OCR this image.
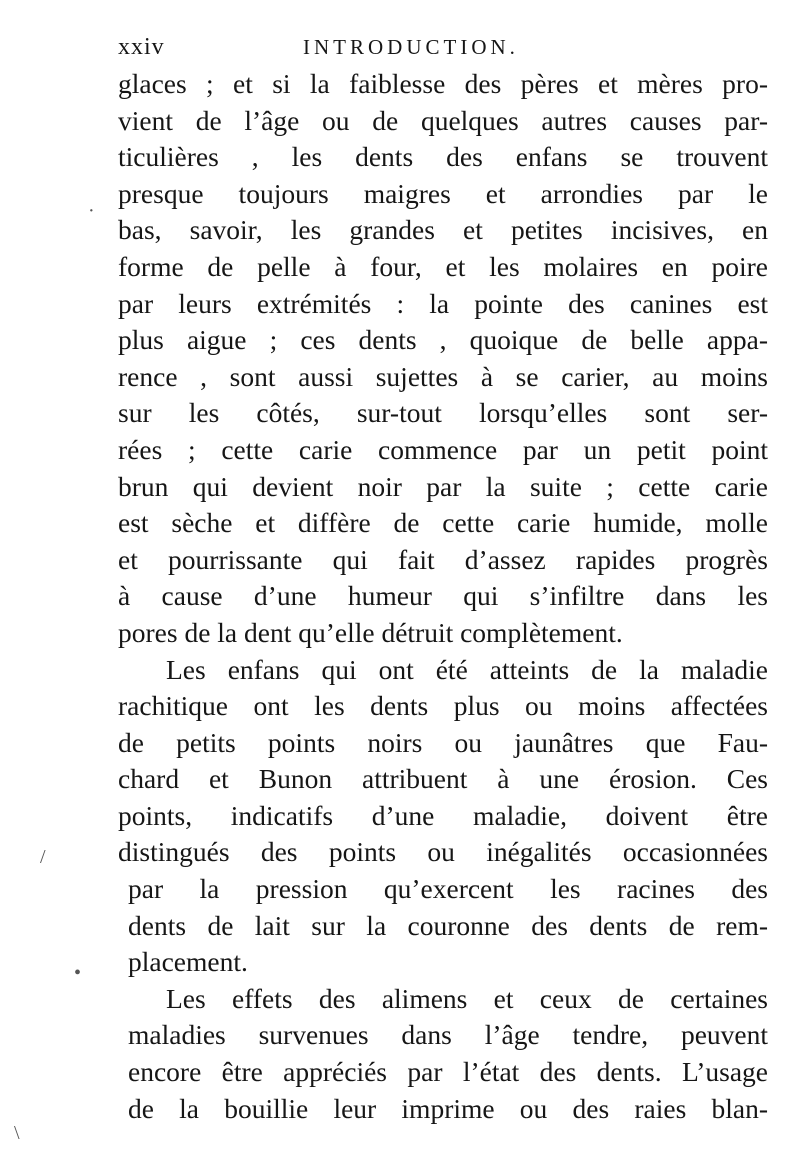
xxiv	INTRODUCTION.
glaces ; et si la faiblesse des pères et mères pro-
vient de l’âge ou de quelques autres causes par-
ticulières , les dents des enfans se trouvent
presque toujours maigres et arrondies par le
bas, savoir, les grandes et petites incisives, en
forme de pelle à four, et les molaires en poire
par leurs extrémités : la pointe des canines est
plus aigue ; ces dents , quoique de belle appa-
rence , sont aussi sujettes à se carier, au moins
sur les côtés, sur-tout lorsqu’elles sont ser-
rées ; cette carie commence par un petit point
brun qui devient noir par la suite ; cette carie
est sèche et diffère de cette carie humide, molle
et pourrissante qui fait d’assez rapides progrès
à cause d’une humeur qui s’infiltre dans les
pores de la dent qu’elle détruit complètement.
Les enfans qui ont été atteints de la maladie
rachitique ont les dents plus ou moins affectées
de petits points noirs ou jaunâtres que Fau-
chard et Bunon attribuent à une érosion. Ces
points, indicatifs d’une maladie, doivent être
distingués des points ou inégalités occasionnées
par la pression qu’exercent les racines des
dents de lait sur la couronne des dents de rem-
placement.
Les effets des alimens et ceux de certaines
maladies survenues dans l’âge tendre, peuvent
encore être appréciés par l’état des dents. L’usage
de la bouillie leur imprime ou des raies blan-
·
/
•
\
